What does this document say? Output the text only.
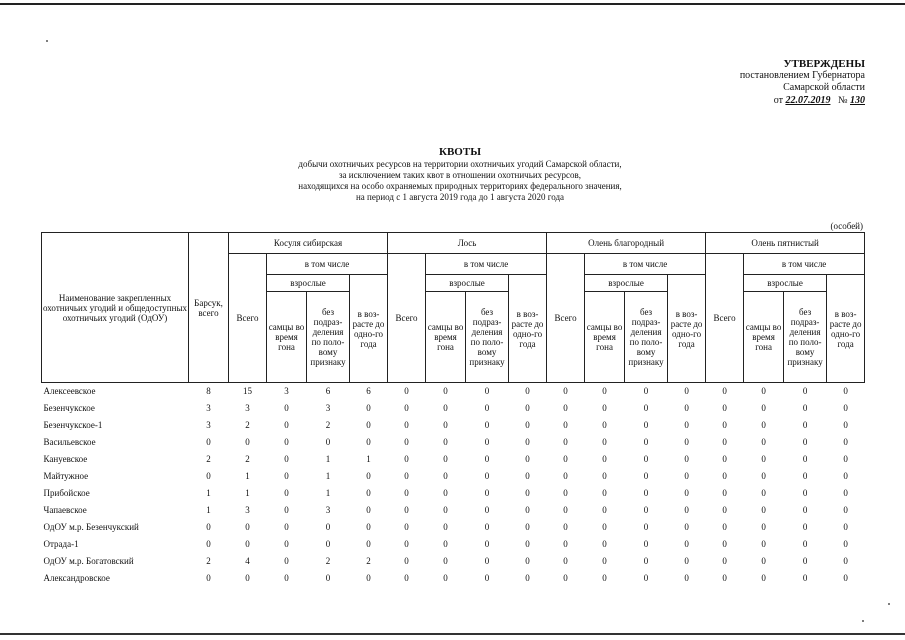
УТВЕРЖДЕНЫ
постановлением Губернатора
Самарской области
от 22.07.2019 № 130
КВОТЫ
добычи охотничьих ресурсов на территории охотничьих угодий Самарской области,
за исключением таких квот в отношении охотничьих ресурсов,
находящихся на особо охраняемых природных территориях федерального значения,
на период с 1 августа 2019 года до 1 августа 2020 года
(особей)
Наименование закрепленных охотничьих угодий и общедоступных охотничьих угодий (ОдОУ)	Барсук, всего	Косуля сибирская				Лось				Олень благородный				Олень пятнистый			
		Всего	в том числе			Всего	в том числе			Всего	в том числе			Всего	в том числе		
			взрослые		в воз-расте до одно-го года		взрослые		в воз-расте до одно-го года		взрослые		в воз-расте до одно-го года		взрослые		в воз-расте до одно-го года
			самцы во время гона	без подраз-деления по поло-вому признаку			самцы во время гона	без подраз-деления по поло-вому признаку			самцы во время гона	без подраз-деления по поло-вому признаку			самцы во время гона	без подраз-деления по поло-вому признаку	
Алексеевское	8	15	3	6	6	0	0	0	0	0	0	0	0	0	0	0	0
Безенчукское	3	3	0	3	0	0	0	0	0	0	0	0	0	0	0	0	0
Безенчукское-1	3	2	0	2	0	0	0	0	0	0	0	0	0	0	0	0	0
Васильевское	0	0	0	0	0	0	0	0	0	0	0	0	0	0	0	0	0
Кануевское	2	2	0	1	1	0	0	0	0	0	0	0	0	0	0	0	0
Майтужное	0	1	0	1	0	0	0	0	0	0	0	0	0	0	0	0	0
Прибойское	1	1	0	1	0	0	0	0	0	0	0	0	0	0	0	0	0
Чапаевское	1	3	0	3	0	0	0	0	0	0	0	0	0	0	0	0	0
ОдОУ м.р. Безенчукский	0	0	0	0	0	0	0	0	0	0	0	0	0	0	0	0	0
Отрада-1	0	0	0	0	0	0	0	0	0	0	0	0	0	0	0	0	0
ОдОУ м.р. Богатовский	2	4	0	2	2	0	0	0	0	0	0	0	0	0	0	0	0
Александровское	0	0	0	0	0	0	0	0	0	0	0	0	0	0	0	0	0
